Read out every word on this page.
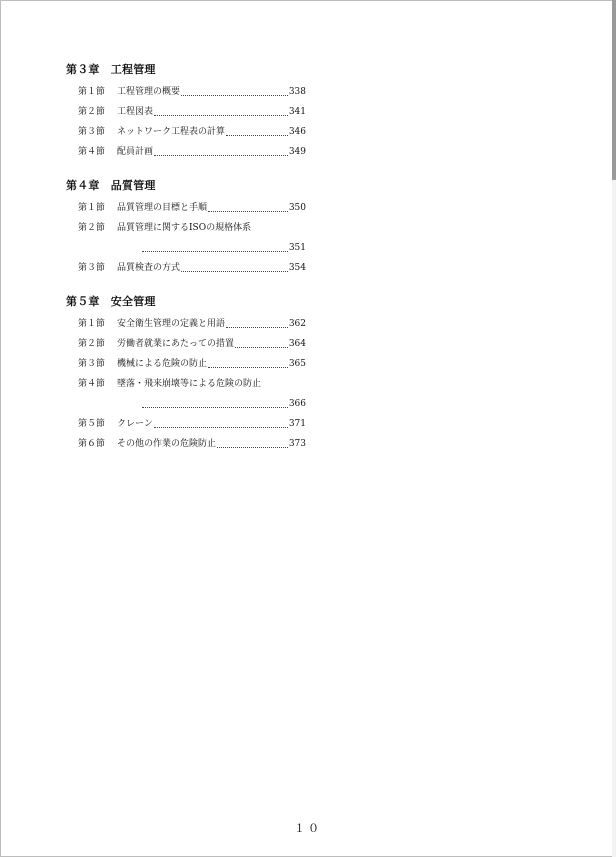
第３章　工程管理
第１節	工程管理の概要	338
第２節	工程図表	341
第３節	ネットワーク工程表の計算	346
第４節	配員計画	349
第４章　品質管理
第１節	品質管理の目標と手順	350
第２節 品質管理に関するISOの規格体系
351
第３節	品質検査の方式	354
第５章　安全管理
第１節	安全衛生管理の定義と用語	362
第２節	労働者就業にあたっての措置	364
第３節	機械による危険の防止	365
第４節 墜落・飛来崩壊等による危険の防止
366
第５節	クレーン	371
第６節	その他の作業の危険防止	373
１０
